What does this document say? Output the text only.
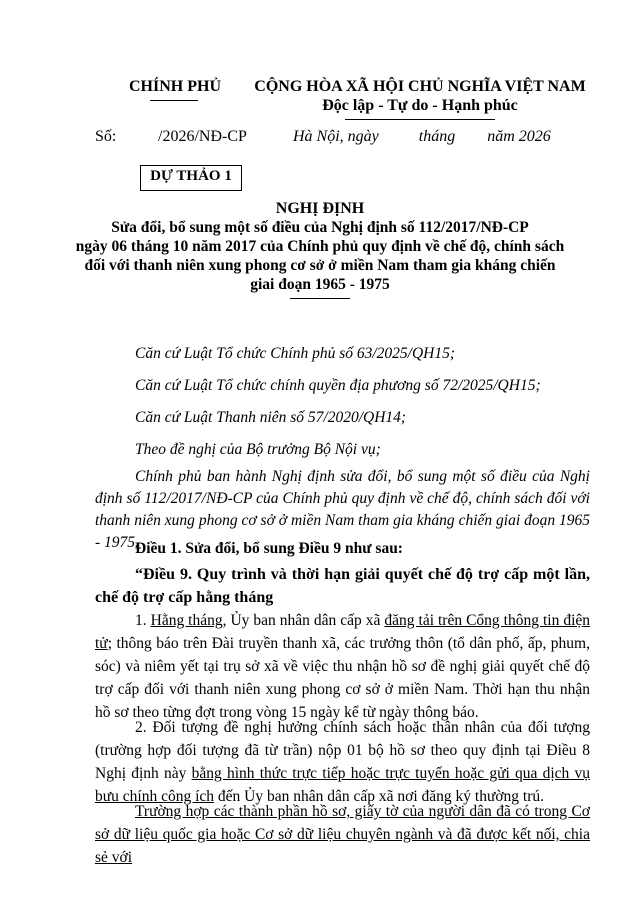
CHÍNH PHỦ	CỘNG HÒA XÃ HỘI CHỦ NGHĨA VIỆT NAM
Độc lập - Tự do - Hạnh phúc
Số:	/2026/NĐ-CP	Hà Nội, ngày          tháng        năm 2026
DỰ THẢO 1
NGHỊ ĐỊNH
Sửa đổi, bổ sung một số điều của Nghị định số 112/2017/NĐ-CP
ngày 06 tháng 10 năm 2017 của Chính phủ quy định về chế độ, chính sách
đối với thanh niên xung phong cơ sở ở miền Nam tham gia kháng chiến
giai đoạn 1965 - 1975
Căn cứ Luật Tổ chức Chính phủ số 63/2025/QH15;
Căn cứ Luật Tổ chức chính quyền địa phương số 72/2025/QH15;
Căn cứ Luật Thanh niên số 57/2020/QH14;
Theo đề nghị của Bộ trưởng Bộ Nội vụ;
Chính phủ ban hành Nghị định sửa đổi, bổ sung một số điều của Nghị định số 112/2017/NĐ-CP của Chính phủ quy định về chế độ, chính sách đối với thanh niên xung phong cơ sở ở miền Nam tham gia kháng chiến giai đoạn 1965 - 1975.
Điều 1. Sửa đổi, bổ sung Điều 9 như sau:
“Điều 9. Quy trình và thời hạn giải quyết chế độ trợ cấp một lần, chế độ trợ cấp hằng tháng
1. Hằng tháng, Ủy ban nhân dân cấp xã đăng tải trên Cổng thông tin điện tử; thông báo trên Đài truyền thanh xã, các trưởng thôn (tổ dân phố, ấp, phum, sóc) và niêm yết tại trụ sở xã về việc thu nhận hồ sơ đề nghị giải quyết chế độ trợ cấp đối với thanh niên xung phong cơ sở ở miền Nam. Thời hạn thu nhận hồ sơ theo từng đợt trong vòng 15 ngày kể từ ngày thông báo.
2. Đối tượng đề nghị hưởng chính sách hoặc thân nhân của đối tượng (trường hợp đối tượng đã từ trần) nộp 01 bộ hồ sơ theo quy định tại Điều 8 Nghị định này bằng hình thức trực tiếp hoặc trực tuyến hoặc gửi qua dịch vụ bưu chính công ích đến Ủy ban nhân dân cấp xã nơi đăng ký thường trú.
Trường hợp các thành phần hồ sơ, giấy tờ của người dân đã có trong Cơ sở dữ liệu quốc gia hoặc Cơ sở dữ liệu chuyên ngành và đã được kết nối, chia sẻ với
